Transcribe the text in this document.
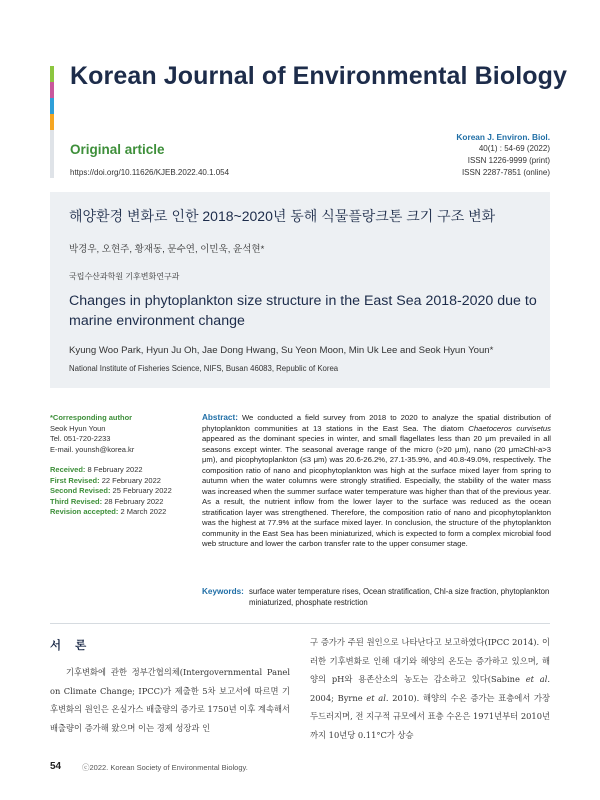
Korean Journal of Environmental Biology
Original article
https://doi.org/10.11626/KJEB.2022.40.1.054
Korean J. Environ. Biol.
40(1) : 54-69 (2022)
ISSN 1226-9999 (print)
ISSN 2287-7851 (online)
해양환경 변화로 인한 2018~2020년 동해 식물플랑크톤 크기 구조 변화
박경우, 오현주, 황재동, 문수연, 이민욱, 윤석현*
국립수산과학원 기후변화연구과
Changes in phytoplankton size structure in the East Sea 2018-2020 due to marine environment change
Kyung Woo Park, Hyun Ju Oh, Jae Dong Hwang, Su Yeon Moon, Min Uk Lee and Seok Hyun Youn*
National Institute of Fisheries Science, NIFS, Busan 46083, Republic of Korea
*Corresponding author
Seok Hyun Youn
Tel. 051-720-2233
E-mail. younsh@korea.kr
Received: 8 February 2022
First Revised: 22 February 2022
Second Revised: 25 February 2022
Third Revised: 28 February 2022
Revision accepted: 2 March 2022
Abstract: We conducted a field survey from 2018 to 2020 to analyze the spatial distribution of phytoplankton communities at 13 stations in the East Sea. The diatom Chaetoceros curvisetus appeared as the dominant species in winter, and small flagellates less than 20 μm prevailed in all seasons except winter. The seasonal average range of the micro (>20 μm), nano (20 μm≥Chl-a>3 μm), and picophytoplankton (≤3 μm) was 20.6-26.2%, 27.1-35.9%, and 40.8-49.0%, respectively. The composition ratio of nano and picophytoplankton was high at the surface mixed layer from spring to autumn when the water columns were strongly stratified. Especially, the stability of the water mass was increased when the summer surface water temperature was higher than that of the previous year. As a result, the nutrient inflow from the lower layer to the surface was reduced as the ocean stratification layer was strengthened. Therefore, the composition ratio of nano and picophytoplankton was the highest at 77.9% at the surface mixed layer. In conclusion, the structure of the phytoplankton community in the East Sea has been miniaturized, which is expected to form a complex microbial food web structure and lower the carbon transfer rate to the upper consumer stage.
Keywords: surface water temperature rises, Ocean stratification, Chl-a size fraction, phytoplankton miniaturized, phosphate restriction
서론

기후변화에 관한 정부간협의체(Intergovernmental Panel on Climate Change; IPCC)가 제출한 5차 보고서에 따르면 기후변화의 원인은 온실가스 배출량의 증가로 1750년 이후 계속해서 배출량이 증가해 왔으며 이는 경제 성장과 인

구 증가가 주된 원인으로 나타난다고 보고하였다(IPCC 2014). 이러한 기후변화로 인해 대기와 해양의 온도는 증가하고 있으며, 해양의 pH와 용존산소의 농도는 감소하고 있다(Sabine et al. 2004; Byrne et al. 2010). 해양의 수온 증가는 표층에서 가장 두드러지며, 전 지구적 규모에서 표층 수온은 1971년부터 2010년까지 10년당 0.11°C가 상승
54	ⓒ2022. Korean Society of Environmental Biology.
